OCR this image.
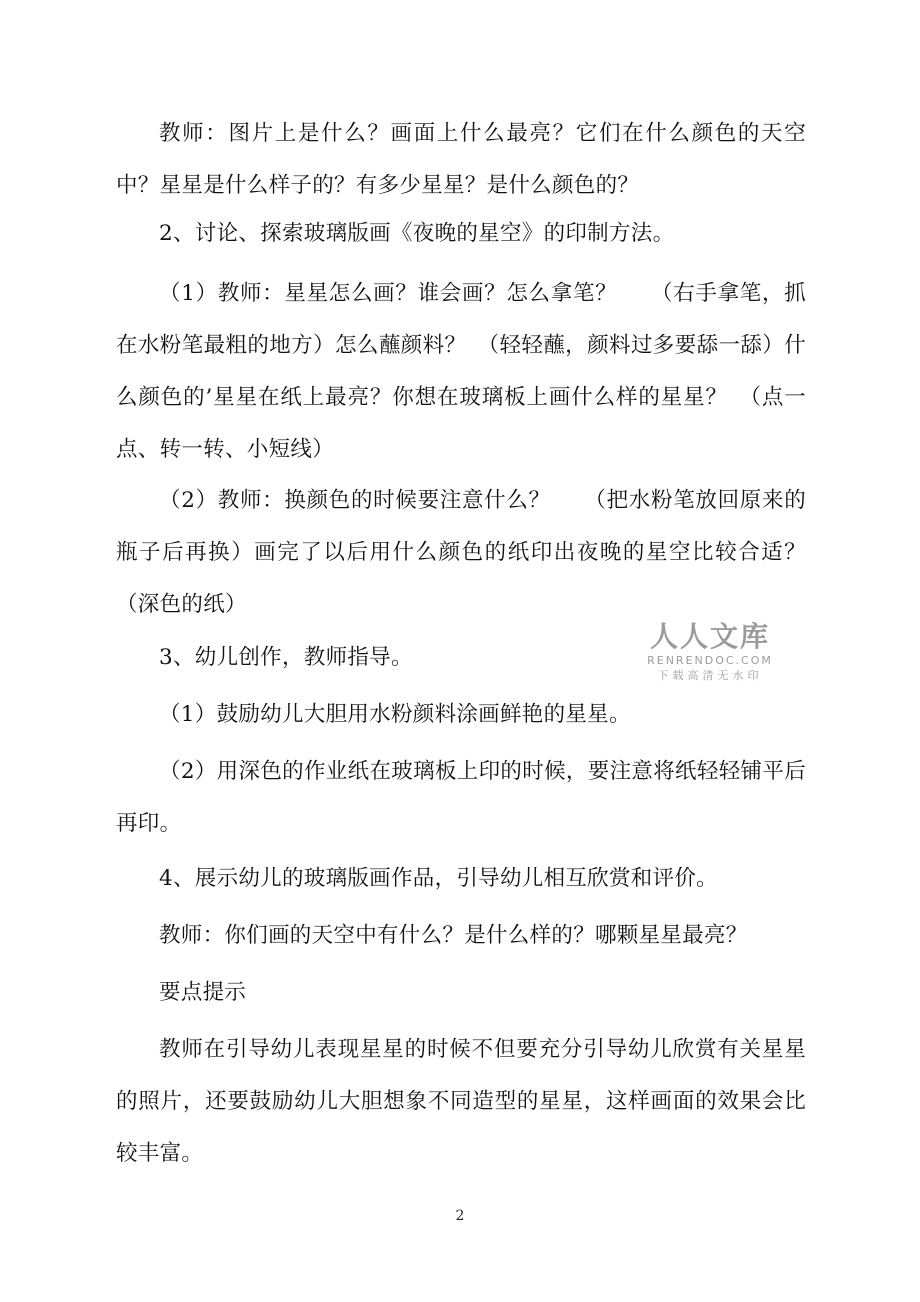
教师：图片上是什么？画面上什么最亮？它们在什么颜色的天空中？星星是什么样子的？有多少星星？是什么颜色的？

2、讨论、探索玻璃版画《夜晚的星空》的印制方法。

（1）教师：星星怎么画？谁会画？怎么拿笔？　　（右手拿笔，抓在水粉笔最粗的地方）怎么蘸颜料？　（轻轻蘸，颜料过多要舔一舔）什么颜色的’星星在纸上最亮？你想在玻璃板上画什么样的星星？　（点一点、转一转、小短线）

（2）教师：换颜色的时候要注意什么？　　（把水粉笔放回原来的瓶子后再换）画完了以后用什么颜色的纸印出夜晚的星空比较合适？　（深色的纸）

3、幼儿创作，教师指导。

（1）鼓励幼儿大胆用水粉颜料涂画鲜艳的星星。

（2）用深色的作业纸在玻璃板上印的时候，要注意将纸轻轻铺平后再印。

4、展示幼儿的玻璃版画作品，引导幼儿相互欣赏和评价。

教师：你们画的天空中有什么？是什么样的？哪颗星星最亮？

要点提示

教师在引导幼儿表现星星的时候不但要充分引导幼儿欣赏有关星星的照片，还要鼓励幼儿大胆想象不同造型的星星，这样画面的效果会比较丰富。

人人文库
RENRENDOC.COM
下载高清无水印
2
